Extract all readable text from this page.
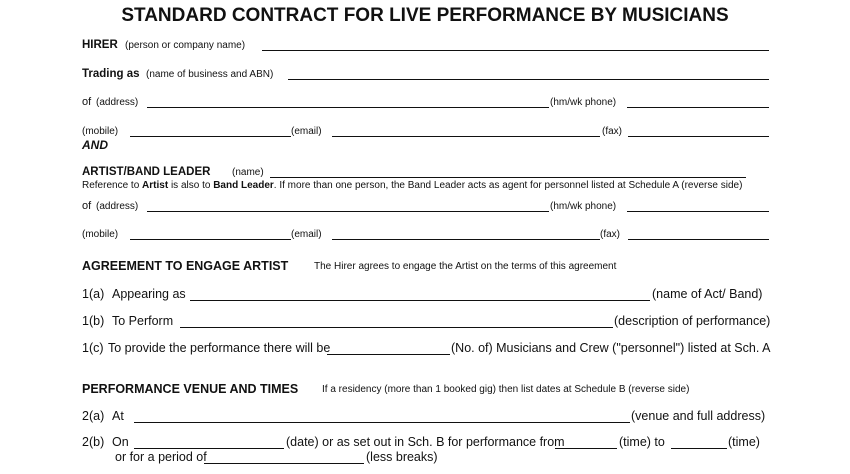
STANDARD CONTRACT FOR LIVE PERFORMANCE BY MUSICIANS
HIRER (person or company name)
Trading as (name of business and ABN)
of (address)	(hm/wk phone)
(mobile)	(email)	(fax)
AND
ARTIST/BAND LEADER (name)
Reference to Artist is also to Band Leader. If more than one person, the Band Leader acts as agent for personnel listed at Schedule A (reverse side)
of (address)	(hm/wk phone)
(mobile)	(email)	(fax)
AGREEMENT TO ENGAGE ARTIST	The Hirer agrees to engage the Artist on the terms of this agreement
1(a) Appearing as	(name of Act/ Band)
1(b) To Perform	(description of performance)
1(c) To provide the performance there will be	(No. of) Musicians and Crew ("personnel") listed at Sch. A
PERFORMANCE VENUE AND TIMES If a residency (more than 1 booked gig) then list dates at Schedule B (reverse side)
2(a) At	(venue and full address)
2(b) On	(date) or as set out in Sch. B for performance from	(time) to	(time)
or for a period of	(less breaks)
